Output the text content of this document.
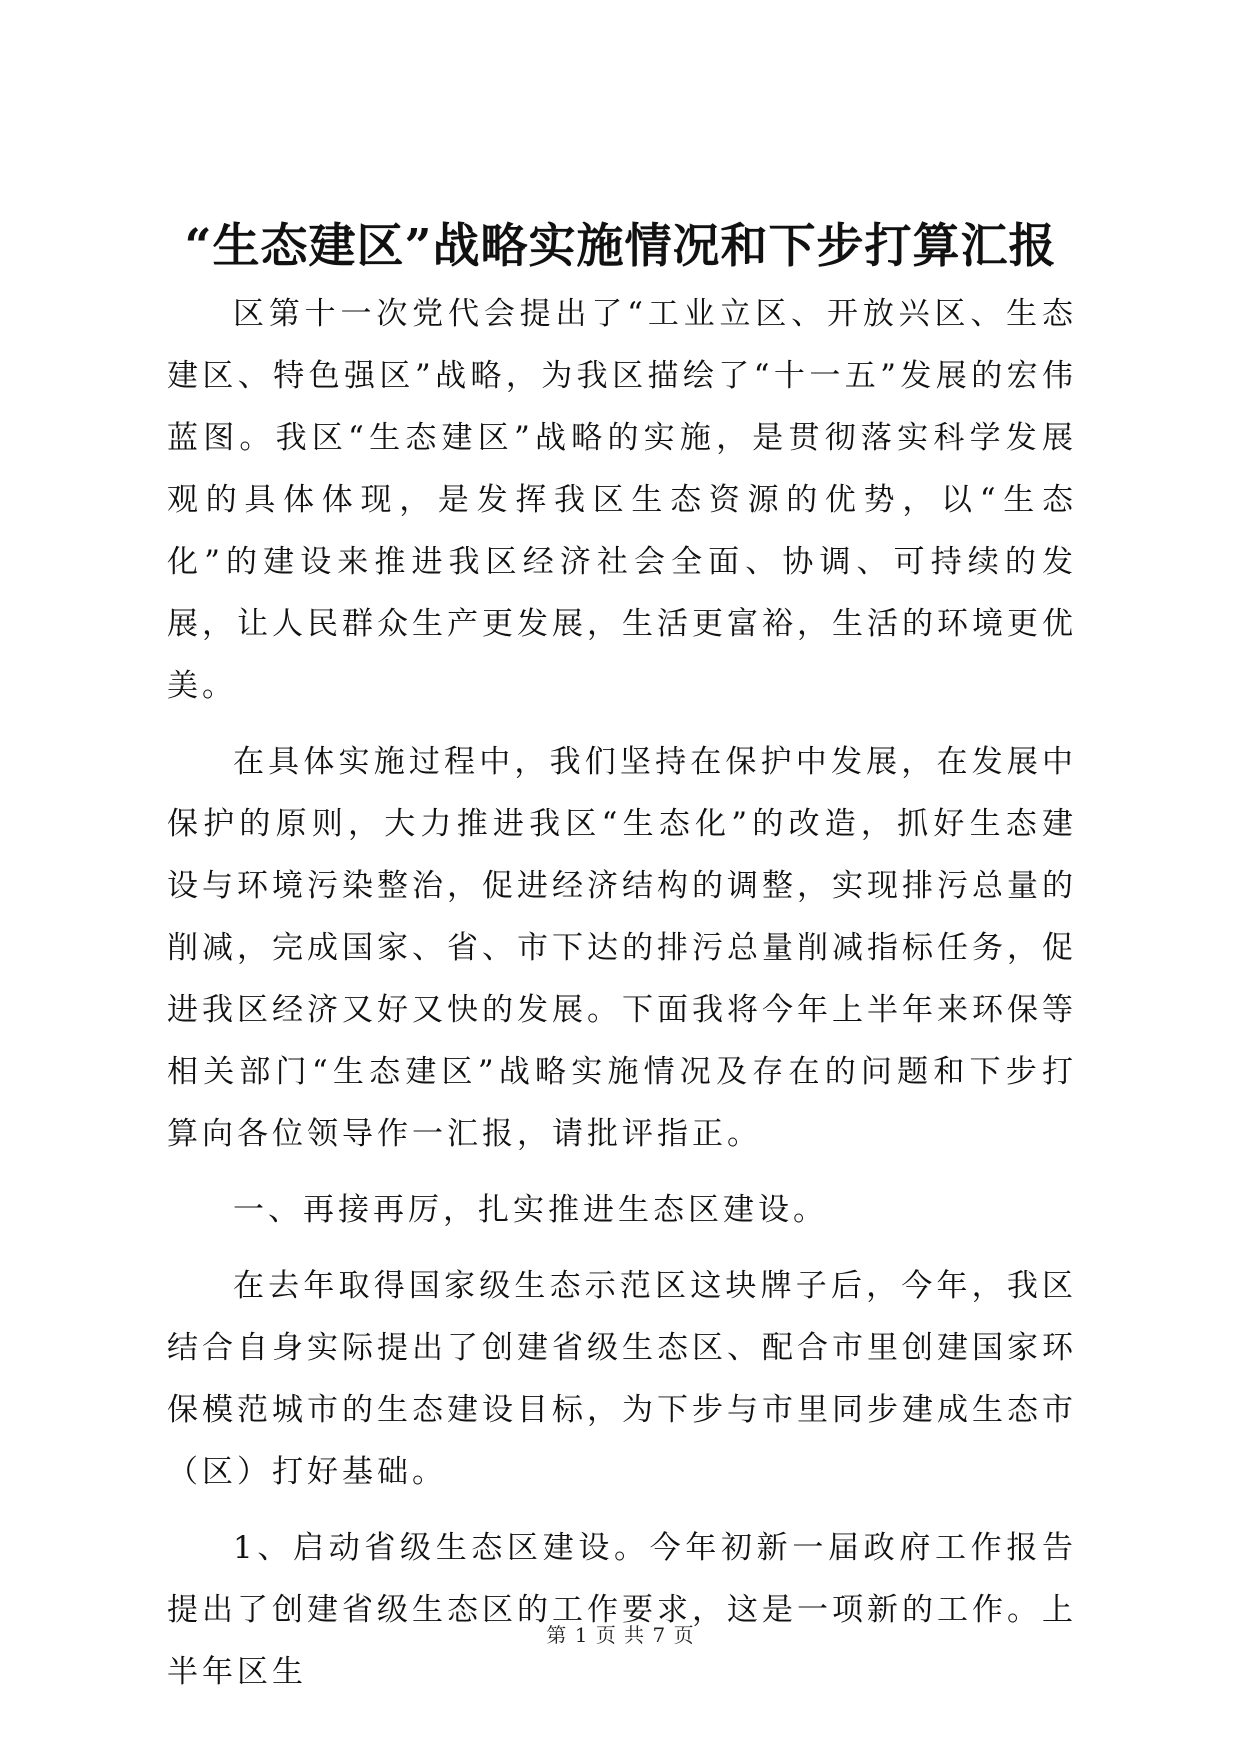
“生态建区”战略实施情况和下步打算汇报

区第十一次党代会提出了“工业立区、开放兴区、生态建区、特色强区”战略，为我区描绘了“十一五”发展的宏伟蓝图。我区“生态建区”战略的实施，是贯彻落实科学发展观的具体体现，是发挥我区生态资源的优势，以“生态化”的建设来推进我区经济社会全面、协调、可持续的发展，让人民群众生产更发展，生活更富裕，生活的环境更优美。

在具体实施过程中，我们坚持在保护中发展，在发展中保护的原则，大力推进我区“生态化”的改造，抓好生态建设与环境污染整治，促进经济结构的调整，实现排污总量的削减，完成国家、省、市下达的排污总量削减指标任务，促进我区经济又好又快的发展。下面我将今年上半年来环保等相关部门“生态建区”战略实施情况及存在的问题和下步打算向各位领导作一汇报，请批评指正。

一、再接再厉，扎实推进生态区建设。

在去年取得国家级生态示范区这块牌子后，今年，我区结合自身实际提出了创建省级生态区、配合市里创建国家环保模范城市的生态建设目标，为下步与市里同步建成生态市（区）打好基础。

1、启动省级生态区建设。今年初新一届政府工作报告提出了创建省级生态区的工作要求，这是一项新的工作。上半年区生

第 1 页 共 7 页
